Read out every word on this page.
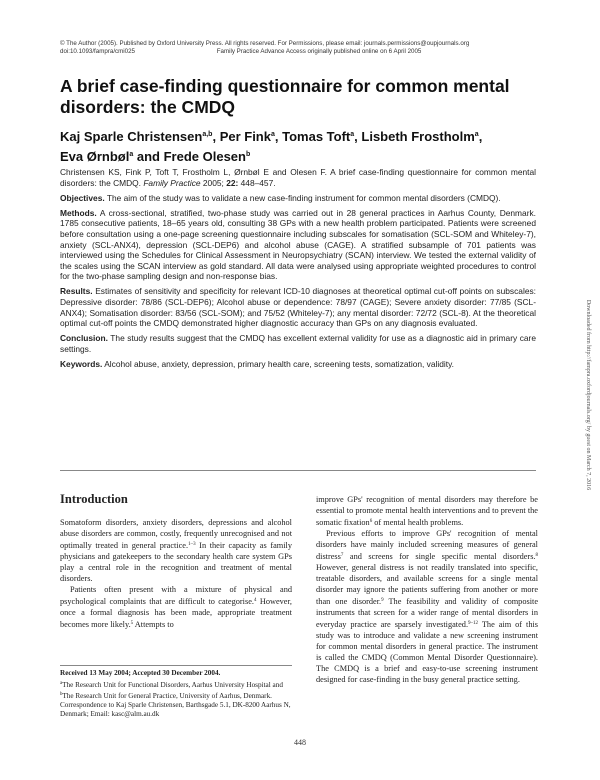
© The Author (2005). Published by Oxford University Press. All rights reserved. For Permissions, please email: journals.permissions@oupjournals.org
doi:10.1093/fampra/cmi025	Family Practice Advance Access originally published online on 6 April 2005
A brief case-finding questionnaire for common mental disorders: the CMDQ
Kaj Sparle Christensen$^{a,b}$, Per Fink$^a$, Tomas Toft$^a$, Lisbeth Frostholm$^a$,
Eva Ørnbøl$^a$ and Frede Olesen$^b$

Christensen KS, Fink P, Toft T, Frostholm L, Ørnbøl E and Olesen F. A brief case-finding questionnaire for common mental disorders: the CMDQ. Family Practice 2005; 22: 448–457.

Objectives. The aim of the study was to validate a new case-finding instrument for common mental disorders (CMDQ).

Methods. A cross-sectional, stratified, two-phase study was carried out in 28 general practices in Aarhus County, Denmark. 1785 consecutive patients, 18–65 years old, consulting 38 GPs with a new health problem participated. Patients were screened before consultation using a one-page screening questionnaire including subscales for somatisation (SCL-SOM and Whiteley-7), anxiety (SCL-ANX4), depression (SCL-DEP6) and alcohol abuse (CAGE). A stratified subsample of 701 patients was interviewed using the Schedules for Clinical Assessment in Neuropsychiatry (SCAN) interview. We tested the external validity of the scales using the SCAN interview as gold standard. All data were analysed using appropriate weighted procedures to control for the two-phase sampling design and non-response bias.

Results. Estimates of sensitivity and specificity for relevant ICD-10 diagnoses at theoretical optimal cut-off points on subscales: Depressive disorder: 78/86 (SCL-DEP6); Alcohol abuse or dependence: 78/97 (CAGE); Severe anxiety disorder: 77/85 (SCL-ANX4); Somatisation disorder: 83/56 (SCL-SOM); and 75/52 (Whiteley-7); any mental disorder: 72/72 (SCL-8). At the theoretical optimal cut-off points the CMDQ demonstrated higher diagnostic accuracy than GPs on any diagnosis evaluated.

Conclusion. The study results suggest that the CMDQ has excellent external validity for use as a diagnostic aid in primary care settings.

Keywords. Alcohol abuse, anxiety, depression, primary health care, screening tests, somatization, validity.

Introduction

Somatoform disorders, anxiety disorders, depressions and alcohol abuse disorders are common, costly, frequently unrecognised and not optimally treated in general practice.$^{1-3}$ In their capacity as family physicians and gatekeepers to the secondary health care system GPs play a central role in the recognition and treatment of mental disorders.

Patients often present with a mixture of physical and psychological complaints that are difficult to categorise.$^4$ However, once a formal diagnosis has been made, appropriate treatment becomes more likely.$^5$ Attempts to

Received 13 May 2004; Accepted 30 December 2004.
$^a$The Research Unit for Functional Disorders, Aarhus University Hospital and $^b$The Research Unit for General Practice, University of Aarhus, Denmark. Correspondence to Kaj Sparle Christensen, Barthsgade 5.1, DK-8200 Aarhus N, Denmark; Email: kasc@alm.au.dk

improve GPs' recognition of mental disorders may therefore be essential to promote mental health interventions and to prevent the somatic fixation$^6$ of mental health problems.

Previous efforts to improve GPs' recognition of mental disorders have mainly included screening measures of general distress$^7$ and screens for single specific mental disorders.$^8$ However, general distress is not readily translated into specific, treatable disorders, and available screens for a single mental disorder may ignore the patients suffering from another or more than one disorder.$^9$ The feasibility and validity of composite instruments that screen for a wider range of mental disorders in everyday practice are sparsely investigated.$^{9-12}$ The aim of this study was to introduce and validate a new screening instrument for common mental disorders in general practice. The instrument is called the CMDQ (Common Mental Disorder Questionnaire). The CMDQ is a brief and easy-to-use screening instrument designed for case-finding in the busy general practice setting.

448
Downloaded from http://fampra.oxfordjournals.org/ by guest on March 7, 2016
